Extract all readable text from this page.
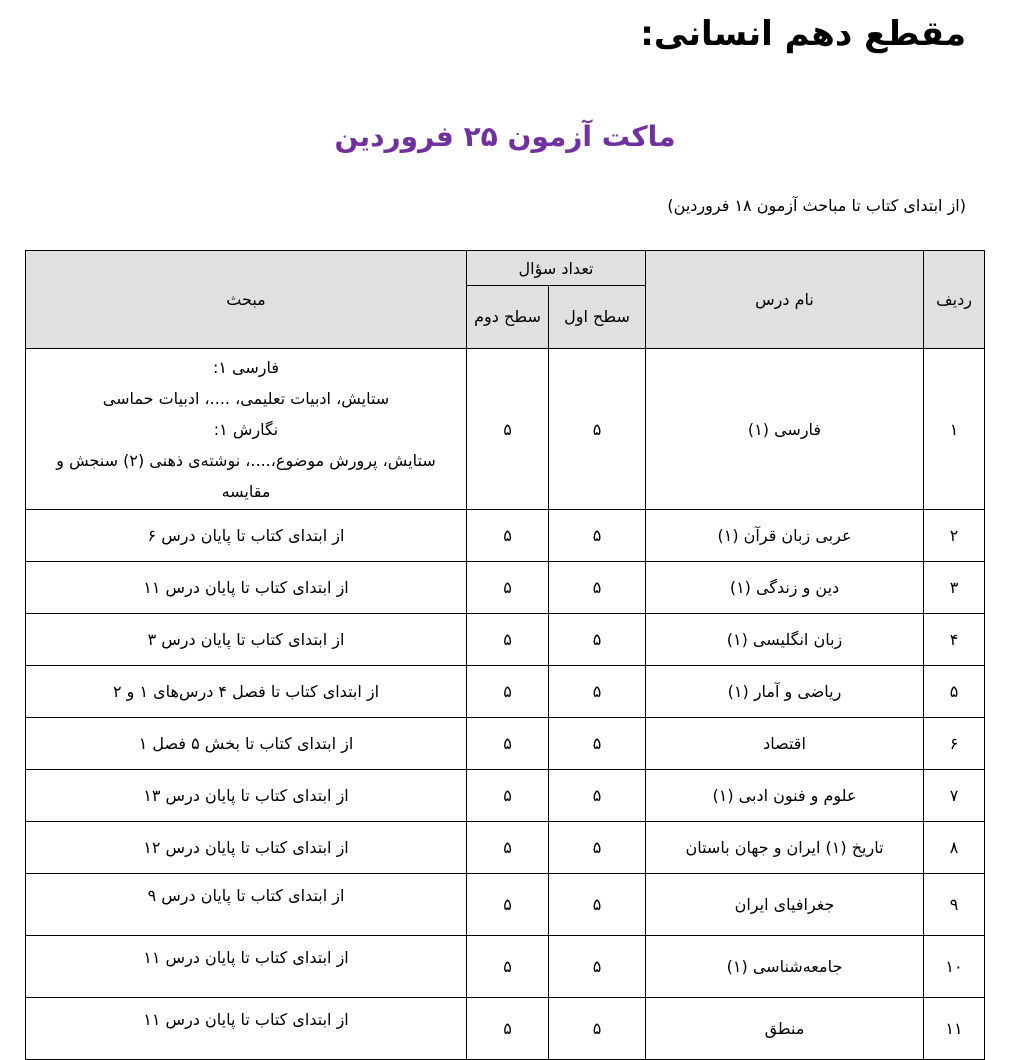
مقطع دهم انسانی:
ماکت آزمون ۲۵ فروردین
(از ابتدای کتاب تا مباحث آزمون ۱۸ فروردین)
ردیف	نام درس	تعداد سؤال		مبحث
		سطح اول	سطح دوم	
۱	فارسی (۱)	۵	۵	فارسی ۱:
ستایش، ادبیات تعلیمی، ....، ادبیات حماسی
نگارش ۱:
ستایش، پرورش موضوع،....، نوشته‌ی ذهنی (۲) سنجش و
مقایسه

۲	عربی زبان قرآن (۱)	۵	۵	از ابتدای کتاب تا پایان درس ۶
۳	دین و زندگی (۱)	۵	۵	از ابتدای کتاب تا پایان درس ۱۱
۴	زبان انگلیسی (۱)	۵	۵	از ابتدای کتاب تا پایان درس ۳
۵	ریاضی و آمار (۱)	۵	۵	از ابتدای کتاب تا فصل ۴ درس‌های ۱ و ۲
۶	اقتصاد	۵	۵	از ابتدای کتاب تا بخش ۵ فصل ۱
۷	علوم و فنون ادبی (۱)	۵	۵	از ابتدای کتاب تا پایان درس ۱۳
۸	تاریخ (۱) ایران و جهان باستان	۵	۵	از ابتدای کتاب تا پایان درس ۱۲
۹	جغرافیای ایران	۵	۵	از ابتدای کتاب تا پایان درس ۹
۱۰	جامعه‌شناسی (۱)	۵	۵	از ابتدای کتاب تا پایان درس ۱۱
۱۱	منطق	۵	۵	از ابتدای کتاب تا پایان درس ۱۱
